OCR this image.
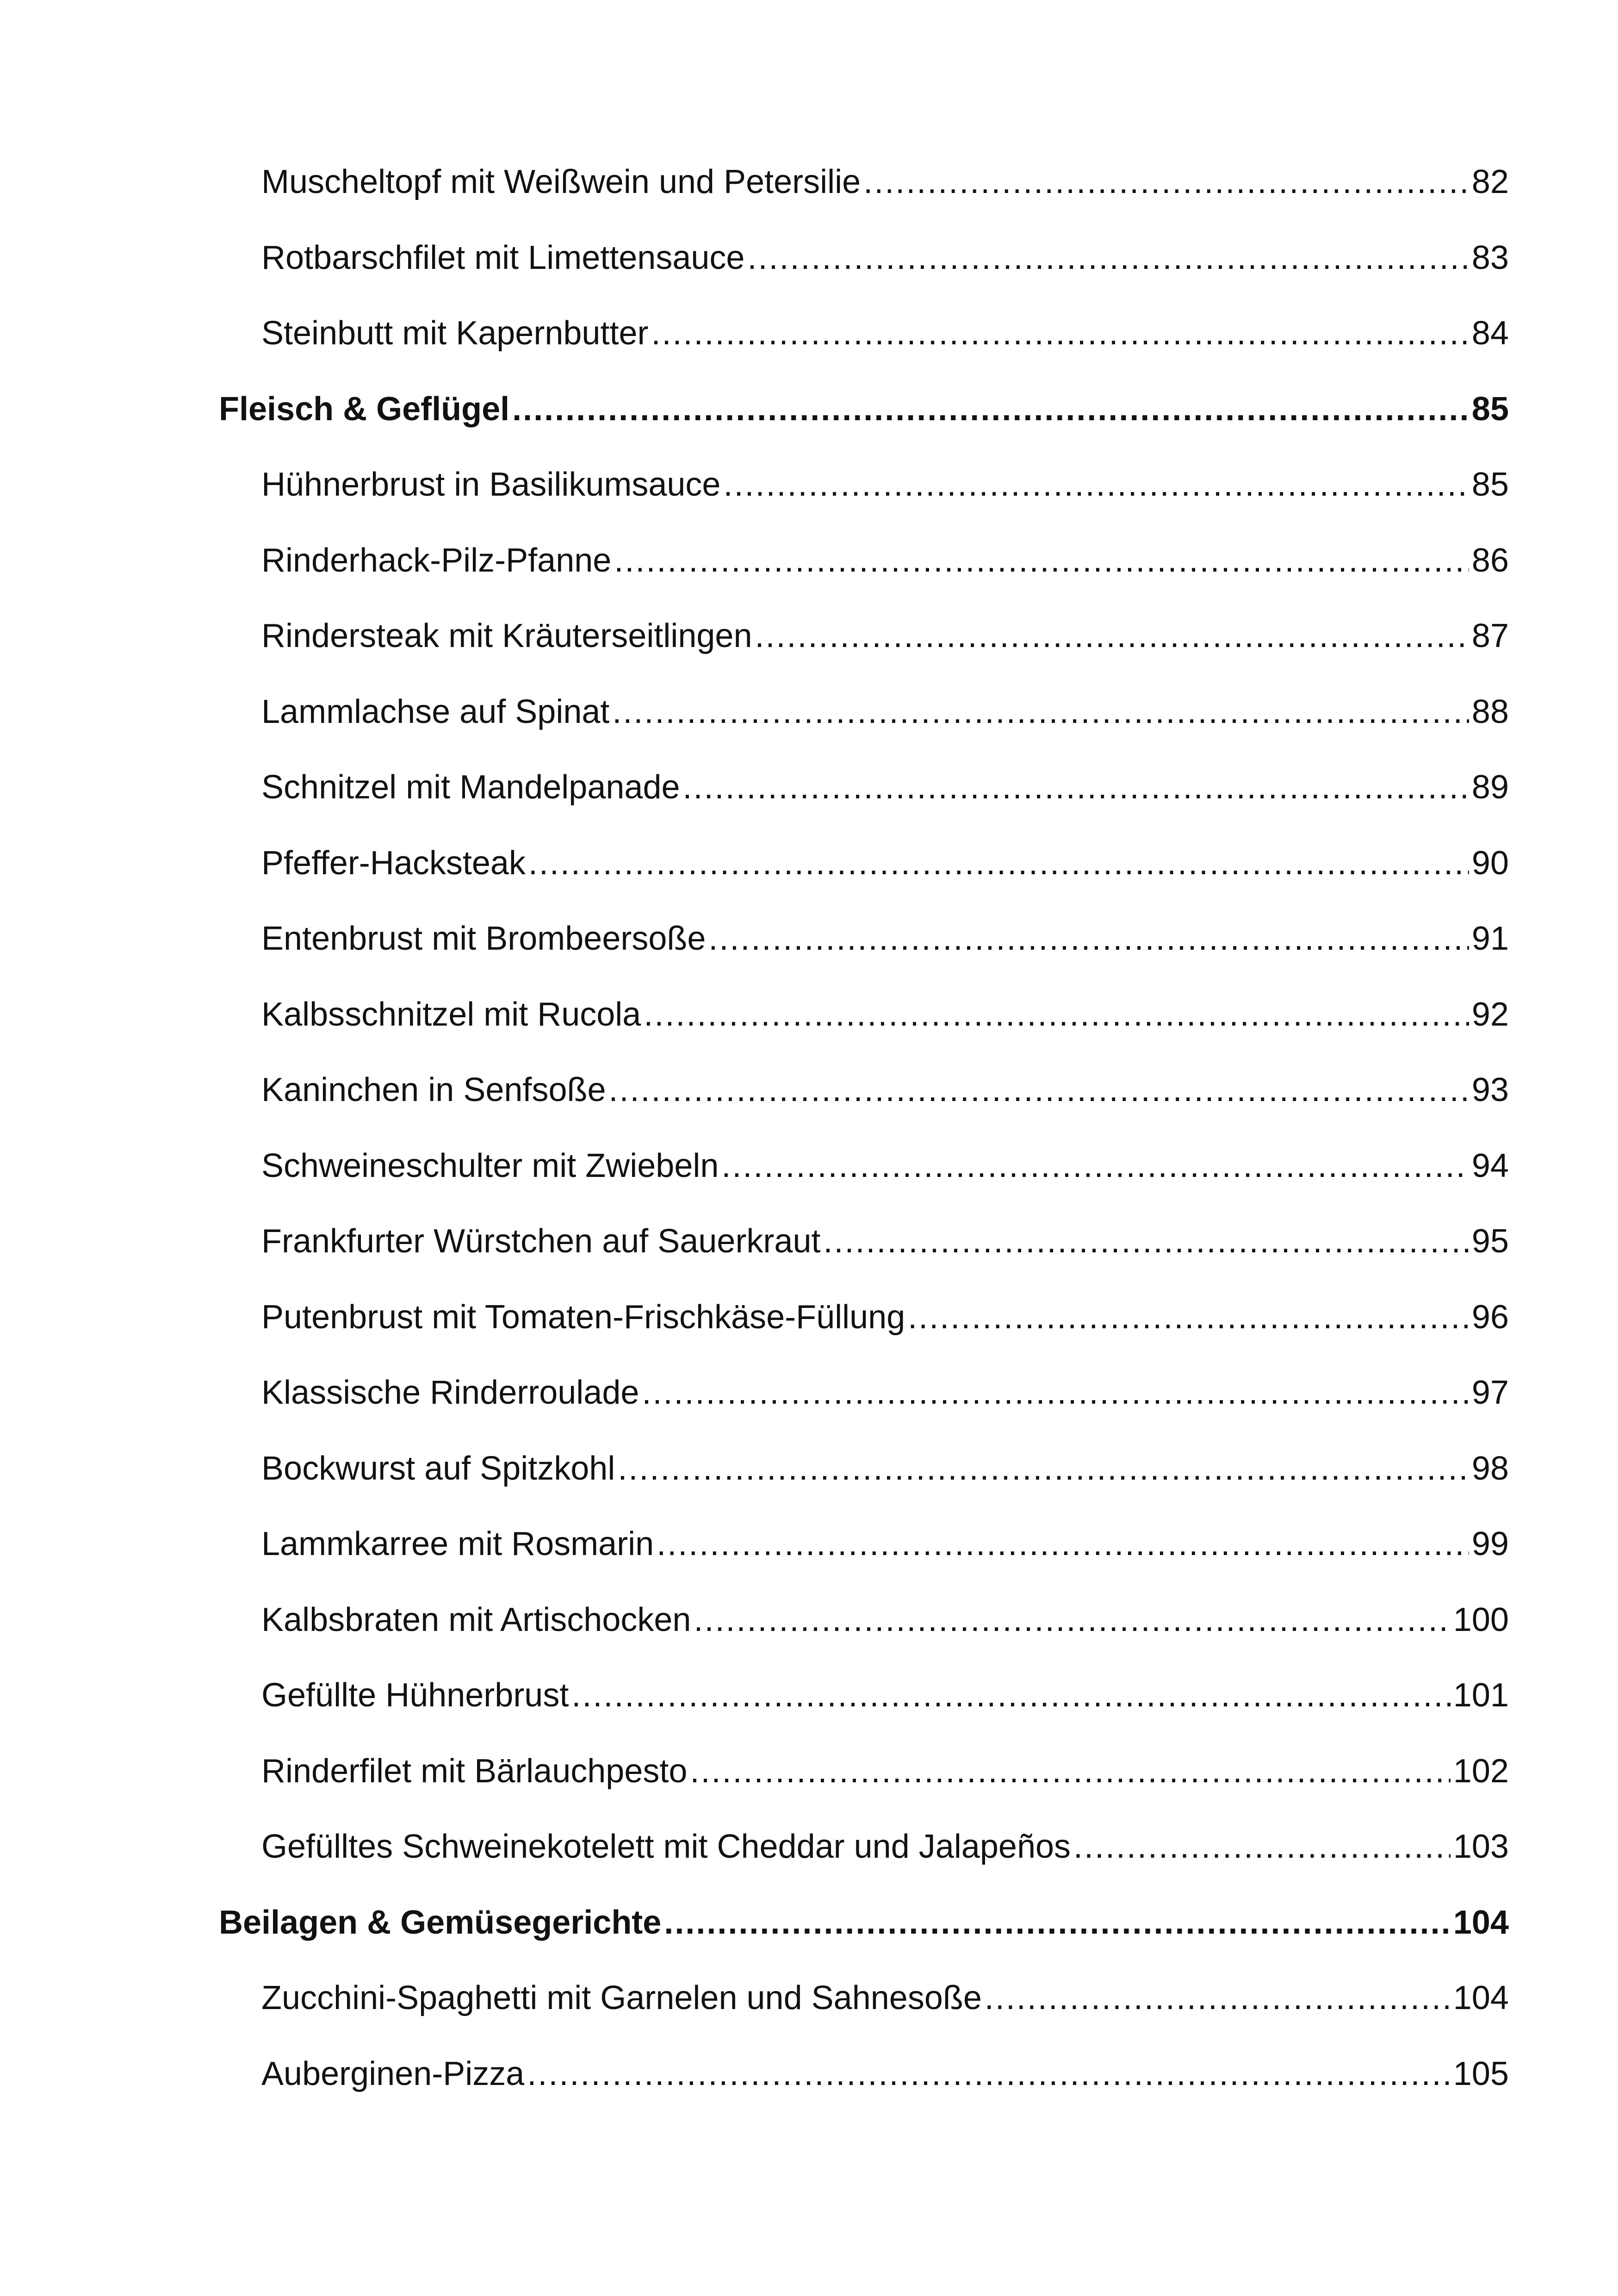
Muscheltopf mit Weißwein und Petersilie .....	82
Rotbarschfilet mit Limettensauce .....	83
Steinbutt mit Kapernbutter .....	84
Fleisch & Geflügel .....	85
Hühnerbrust in Basilikumsauce .....	85
Rinderhack-Pilz-Pfanne .....	86
Rindersteak mit Kräuterseitlingen .....	87
Lammlachse auf Spinat .....	88
Schnitzel mit Mandelpanade .....	89
Pfeffer-Hacksteak .....	90
Entenbrust mit Brombeersoße .....	91
Kalbsschnitzel mit Rucola .....	92
Kaninchen in Senfsoße .....	93
Schweineschulter mit Zwiebeln .....	94
Frankfurter Würstchen auf Sauerkraut .....	95
Putenbrust mit Tomaten-Frischkäse-Füllung .....	96
Klassische Rinderroulade .....	97
Bockwurst auf Spitzkohl .....	98
Lammkarree mit Rosmarin .....	99
Kalbsbraten mit Artischocken .....	100
Gefüllte Hühnerbrust .....	101
Rinderfilet mit Bärlauchpesto .....	102
Gefülltes Schweinekotelett mit Cheddar und Jalapeños .....	103
Beilagen & Gemüsegerichte .....	104
Zucchini-Spaghetti mit Garnelen und Sahnesoße .....	104
Auberginen-Pizza .....	105
